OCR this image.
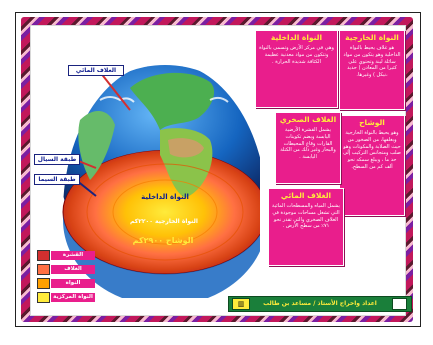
الغلاف المائي
طبقة السيال
طبقة السيما
النواة الداخلية
النواة الخارجية ٢٢٠٠كم
الوشاح ٢٩٠٠كم
النواة الخارجية

هو غلاف يحيط بالنواة الداخلية وهو يتكون من مواد سائلة لينة وتحتوي على كثيرا من المعادن ( حديد ،نيكل ) وغيرها.

النواة الداخلية

وهي في مركز الأرض وتسمى بالنواة وتتكون من مواد معدنية عظيمة الكثافة شديدة الحرارة .

الوشاح

وهو يحيط بالنواة الخارجية ويغلفها، من الصخور من حيث الصلابة والمكونات وهو صلب ومتجانس التركيب إلى حد ما ، ويبلغ سمكه نحو ألف كم من السطح.

الغلاف الصخري

يشمل القشرة الأرضية اليابسة ويضم تكوينات القارات وقاع المحيطات والبحار وغير ذلك من الكتلة اليابسة .

الغلاف المائي

يشمل المياه والمسطحات المائية التي تشغل مساحات موجودة في الغلاف الصخري والتي تقدر نحو ٧١٪ من سطح الأرض .

القشرة
الغلاف
النواة
النواة المركزية
اعداد واخراج الأستاذ / مساعد بن طالب
▥
